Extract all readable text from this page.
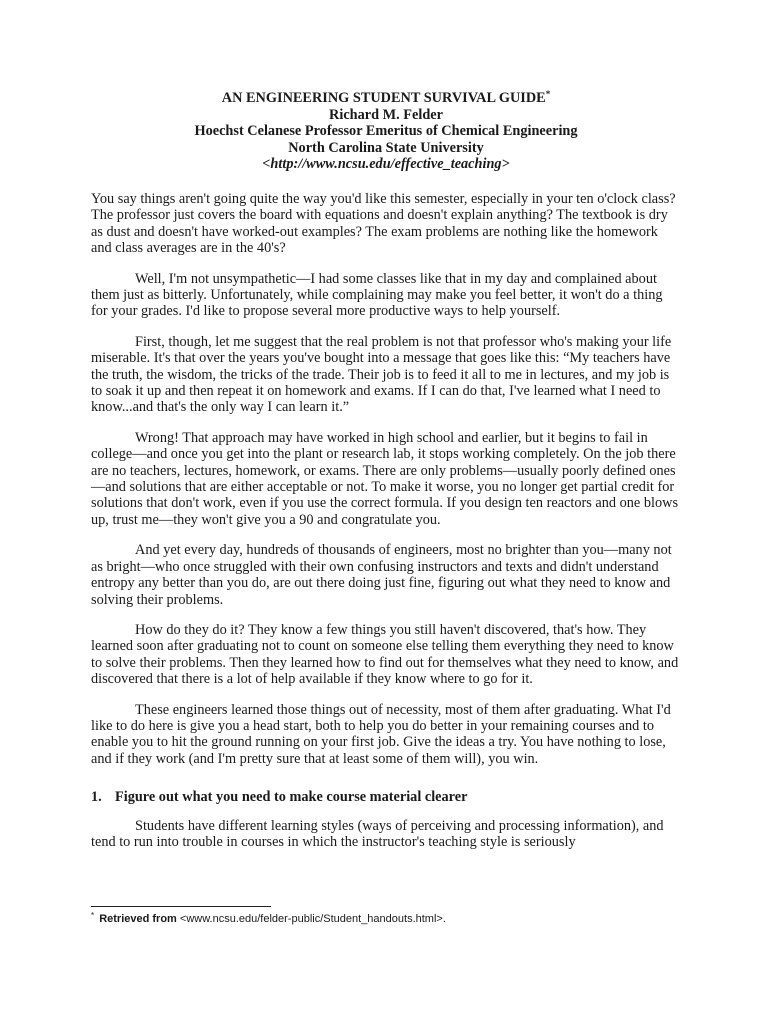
AN ENGINEERING STUDENT SURVIVAL GUIDE*
Richard M. Felder
Hoechst Celanese Professor Emeritus of Chemical Engineering
North Carolina State University
<http://www.ncsu.edu/effective_teaching>

You say things aren't going quite the way you'd like this semester, especially in your ten o'clock class? The professor just covers the board with equations and doesn't explain anything? The textbook is dry as dust and doesn't have worked-out examples? The exam problems are nothing like the homework and class averages are in the 40's?

Well, I'm not unsympathetic—I had some classes like that in my day and complained about them just as bitterly. Unfortunately, while complaining may make you feel better, it won't do a thing for your grades. I'd like to propose several more productive ways to help yourself.

First, though, let me suggest that the real problem is not that professor who's making your life miserable. It's that over the years you've bought into a message that goes like this: “My teachers have the truth, the wisdom, the tricks of the trade. Their job is to feed it all to me in lectures, and my job is to soak it up and then repeat it on homework and exams. If I can do that, I've learned what I need to know...and that's the only way I can learn it.”

Wrong! That approach may have worked in high school and earlier, but it begins to fail in college—and once you get into the plant or research lab, it stops working completely. On the job there are no teachers, lectures, homework, or exams. There are only problems—usually poorly defined ones—and solutions that are either acceptable or not. To make it worse, you no longer get partial credit for solutions that don't work, even if you use the correct formula. If you design ten reactors and one blows up, trust me—they won't give you a 90 and congratulate you.

And yet every day, hundreds of thousands of engineers, most no brighter than you—many not as bright—who once struggled with their own confusing instructors and texts and didn't understand entropy any better than you do, are out there doing just fine, figuring out what they need to know and solving their problems.

How do they do it? They know a few things you still haven't discovered, that's how. They learned soon after graduating not to count on someone else telling them everything they need to know to solve their problems. Then they learned how to find out for themselves what they need to know, and discovered that there is a lot of help available if they know where to go for it.

These engineers learned those things out of necessity, most of them after graduating. What I'd like to do here is give you a head start, both to help you do better in your remaining courses and to enable you to hit the ground running on your first job. Give the ideas a try. You have nothing to lose, and if they work (and I'm pretty sure that at least some of them will), you win.

1. Figure out what you need to make course material clearer

Students have different learning styles (ways of perceiving and processing information), and tend to run into trouble in courses in which the instructor's teaching style is seriously

* Retrieved from <www.ncsu.edu/felder-public/Student_handouts.html>.
